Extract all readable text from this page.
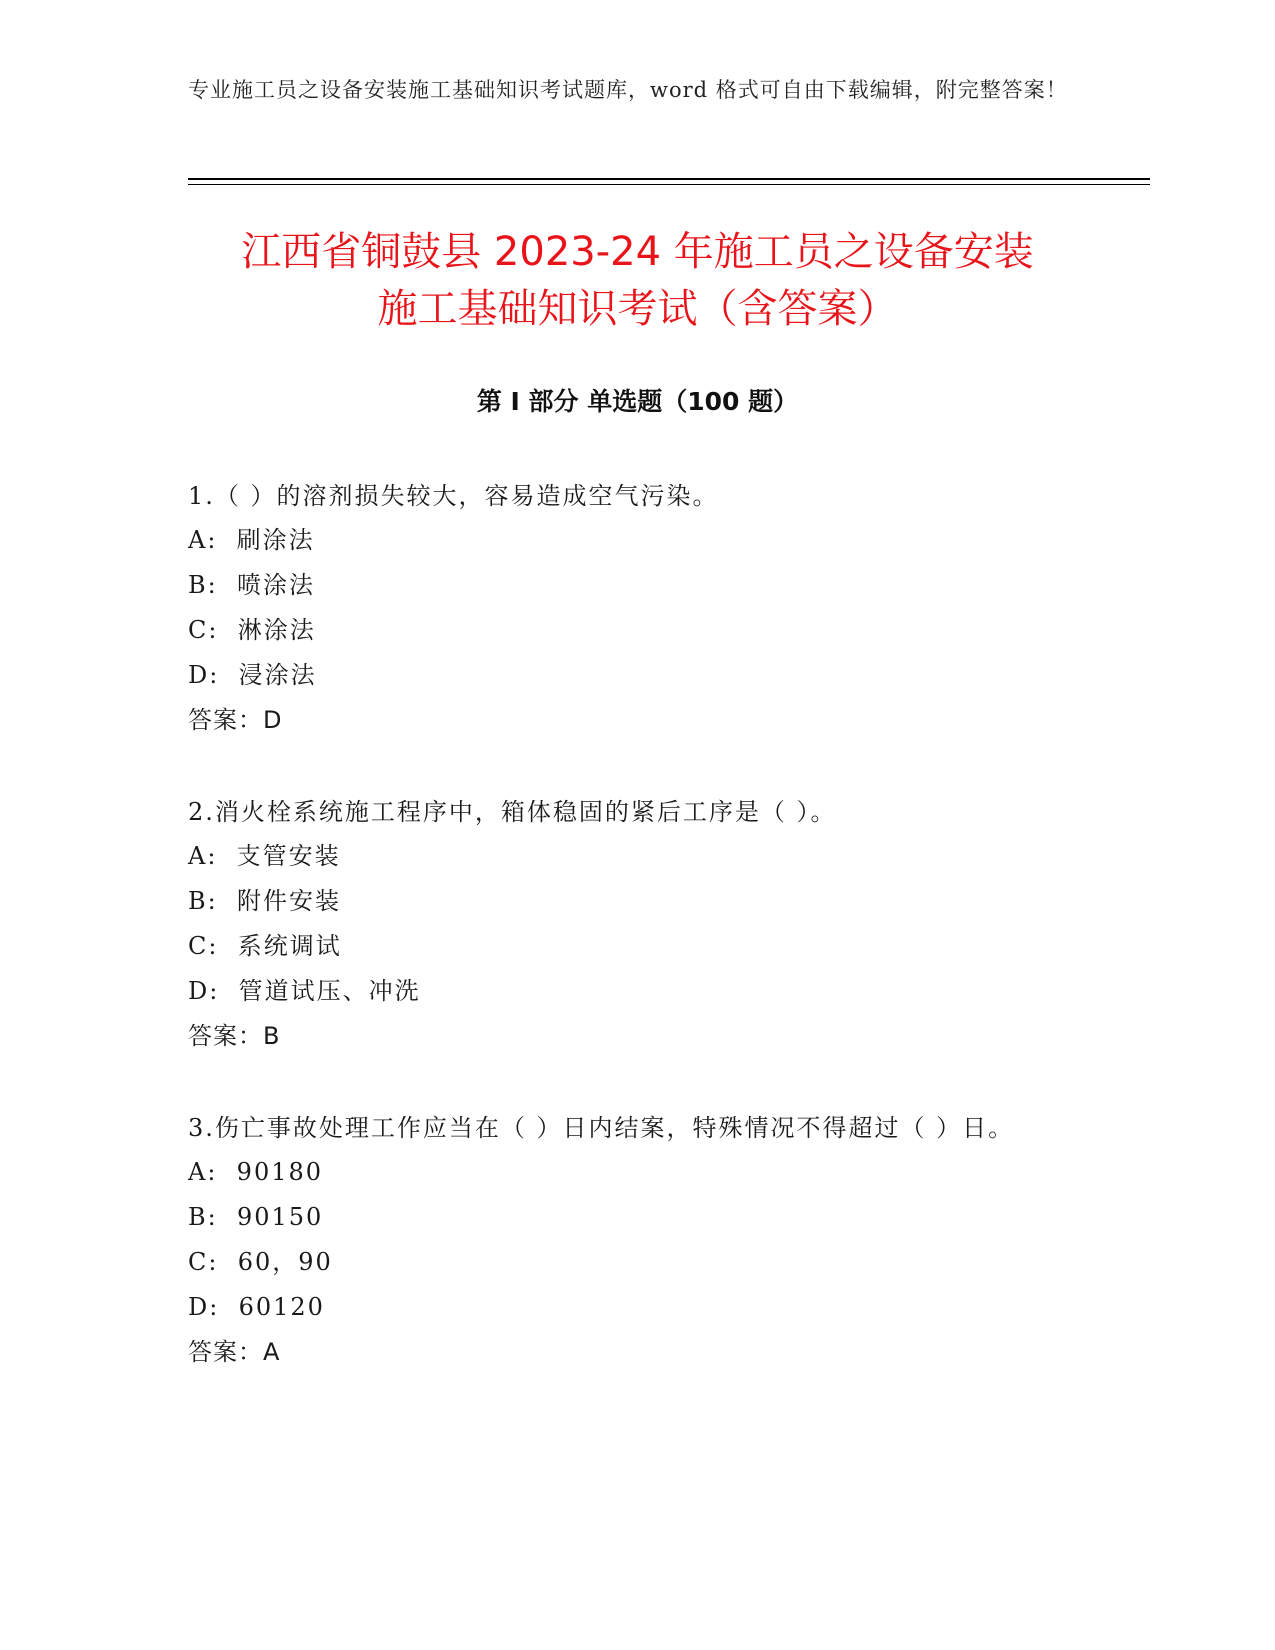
专业施工员之设备安装施工基础知识考试题库，word 格式可自由下载编辑，附完整答案！
江西省铜鼓县 2023-24 年施工员之设备安装
施工基础知识考试（含答案）
第 I 部分 单选题（100 题）

1.（ ）的溶剂损失较大，容易造成空气污染。

A:  刷涂法

B:  喷涂法

C:  淋涂法

D:  浸涂法

答案：D

2.消火栓系统施工程序中，箱体稳固的紧后工序是（ ）。

A:  支管安装

B:  附件安装

C:  系统调试

D:  管道试压、冲洗

答案：B

3.伤亡事故处理工作应当在（ ）日内结案，特殊情况不得超过（ ）日。

A:  90180

B:  90150

C:  60，90

D:  60120

答案：A
